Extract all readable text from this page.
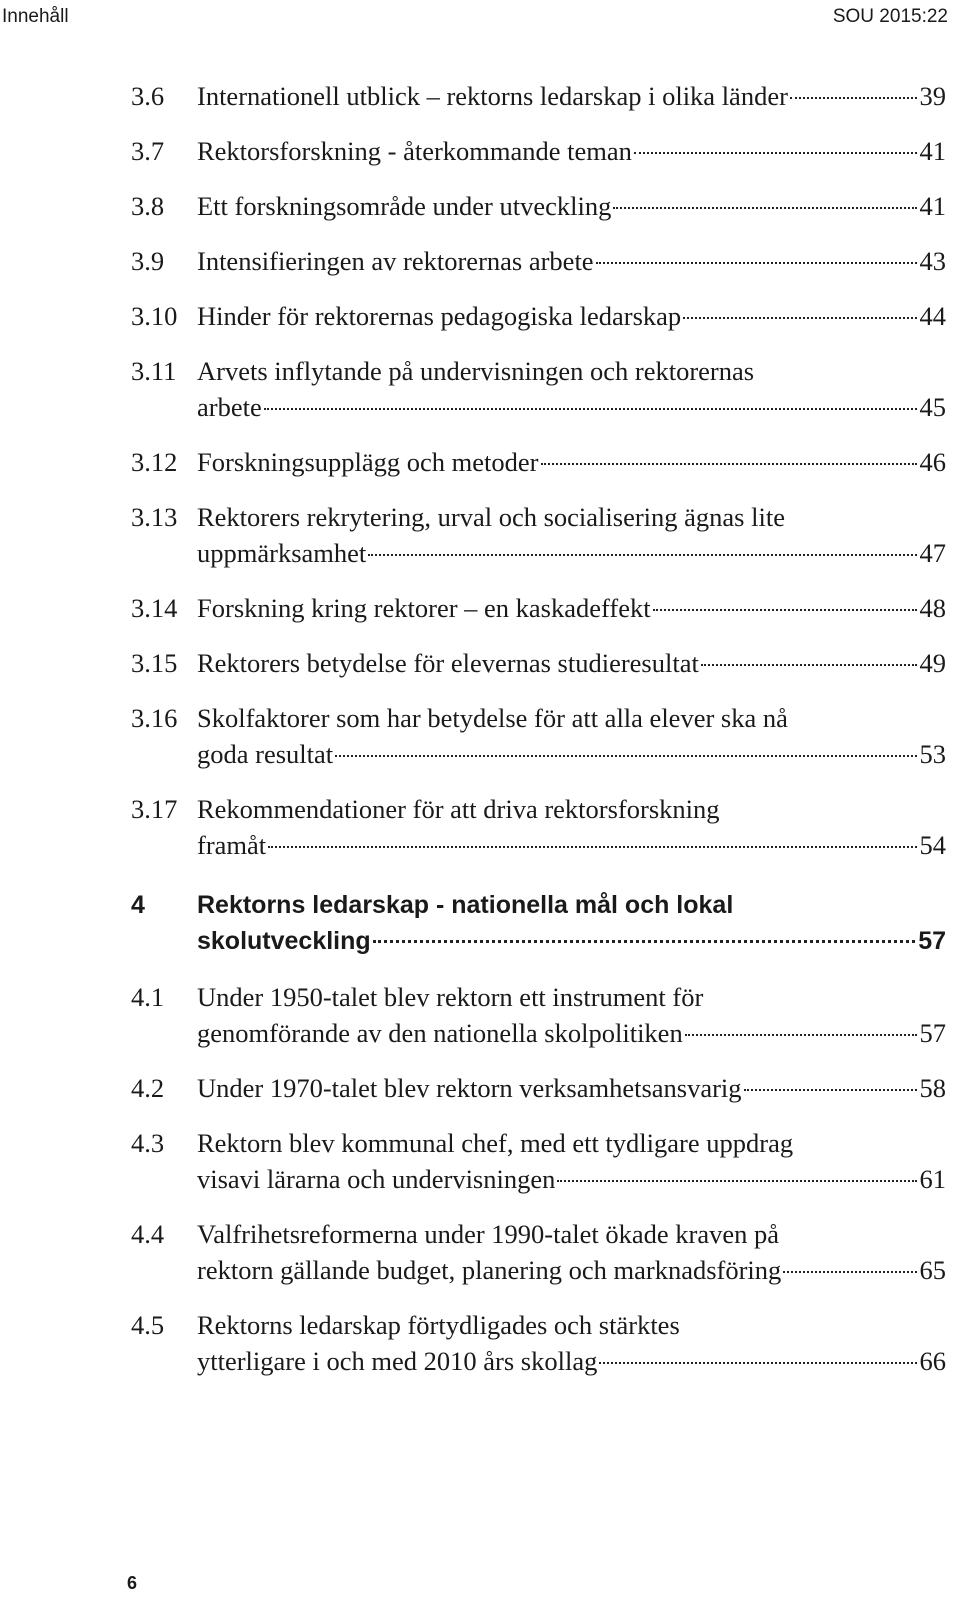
Innehåll	SOU 2015:22
3.6	Internationell utblick – rektorns ledarskap i olika länder	39
3.7	Rektorsforskning - återkommande teman	41
3.8	Ett forskningsområde under utveckling	41
3.9	Intensifieringen av rektorernas arbete	43
3.10 Hinder för rektorernas pedagogiska ledarskap	44
3.11 Arvets inflytande på undervisningen och rektorernas
arbete	45
3.12 Forskningsupplägg och metoder	46
3.13 Rektorers rekrytering, urval och socialisering ägnas lite
uppmärksamhet	47
3.14 Forskning kring rektorer – en kaskadeffekt	48
3.15 Rektorers betydelse för elevernas studieresultat	49
3.16 Skolfaktorer som har betydelse för att alla elever ska nå
goda resultat	53
3.17 Rekommendationer för att driva rektorsforskning
framåt	54
4	Rektorns ledarskap - nationella mål och lokal
skolutveckling	57
4.1	Under 1950-talet blev rektorn ett instrument för
genomförande av den nationella skolpolitiken	57
4.2	Under 1970-talet blev rektorn verksamhetsansvarig	58
4.3	Rektorn blev kommunal chef, med ett tydligare uppdrag
visavi lärarna och undervisningen	61
4.4	Valfrihetsreformerna under 1990-talet ökade kraven på
rektorn gällande budget, planering och marknadsföring	65
4.5	Rektorns ledarskap förtydligades och stärktes
ytterligare i och med 2010 års skollag	66
6
